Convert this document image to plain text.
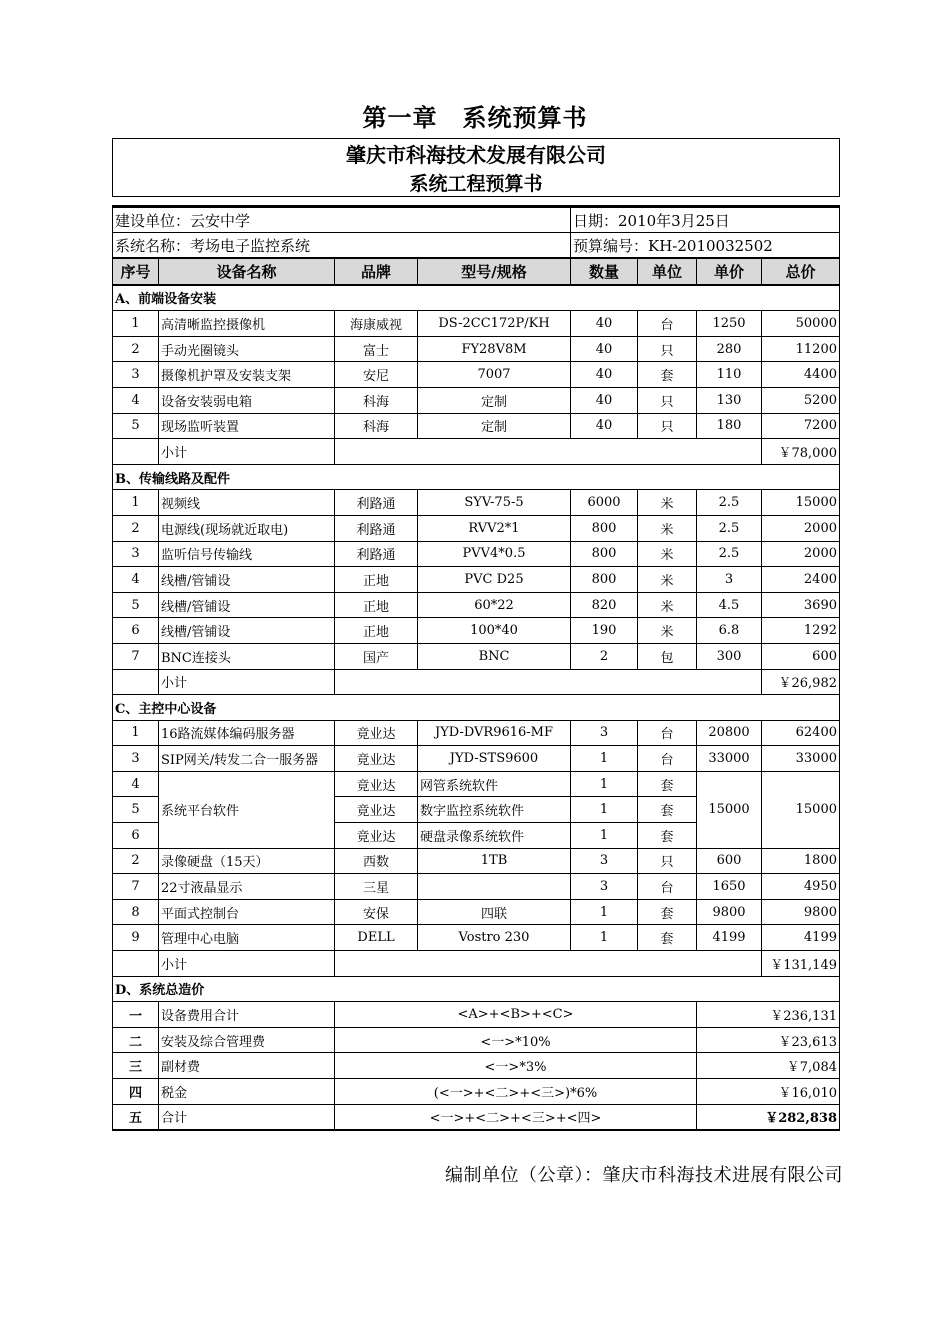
第一章　系统预算书
肇庆市科海技术发展有限公司							
系统工程预算书							

建设单位：云安中学				日期：2010年3月25日			
系统名称：考场电子监控系统				预算编号：KH-2010032502			
序号	设备名称	品牌	型号/规格	数量	单位	单价	总价
A、前端设备安装							
1	高清晰监控摄像机	海康威视	DS-2CC172P/KH	40	台	1250	50000
2	手动光圈镜头	富士	FY28V8M	40	只	280	11200
3	摄像机护罩及安装支架	安尼	7007	40	套	110	4400
4	设备安装弱电箱	科海	定制	40	只	130	5200
5	现场监听装置	科海	定制	40	只	180	7200
	小计						￥78,000
B、传输线路及配件							
1	视频线	利路通	SYV-75-5	6000	米	2.5	15000
2	电源线(现场就近取电)	利路通	RVV2*1	800	米	2.5	2000
3	监听信号传输线	利路通	PVV4*0.5	800	米	2.5	2000
4	线槽/管铺设	正地	PVC D25	800	米	3	2400
5	线槽/管铺设	正地	60*22	820	米	4.5	3690
6	线槽/管铺设	正地	100*40	190	米	6.8	1292
7	BNC连接头	国产	BNC	2	包	300	600
	小计						￥26,982
C、主控中心设备							
1	16路流媒体编码服务器	竟业达	JYD-DVR9616-MF	3	台	20800	62400
3	SIP网关/转发二合一服务器	竟业达	JYD-STS9600	1	台	33000	33000
4	系统平台软件	竟业达	网管系统软件	1	套	15000	15000
5		竟业达	数字监控系统软件	1	套		
6		竟业达	硬盘录像系统软件	1	套		
2	录像硬盘（15天）	西数	1TB	3	只	600	1800
7	22寸液晶显示	三星		3	台	1650	4950
8	平面式控制台	安保	四联	1	套	9800	9800
9	管理中心电脑	DELL	Vostro 230	1	套	4199	4199
	小计						￥131,149
D、系统总造价							
一	设备费用合计	<A>+<B>+<C>				￥236,131	
二	安装及综合管理费	<一>*10%				￥23,613	
三	副材费	<一>*3%				￥7,084	
四	税金	(<一>+<二>+<三>)*6%				￥16,010	
五	合计	<一>+<二>+<三>+<四>				￥282,838	
编制单位（公章）：肇庆市科海技术进展有限公司
